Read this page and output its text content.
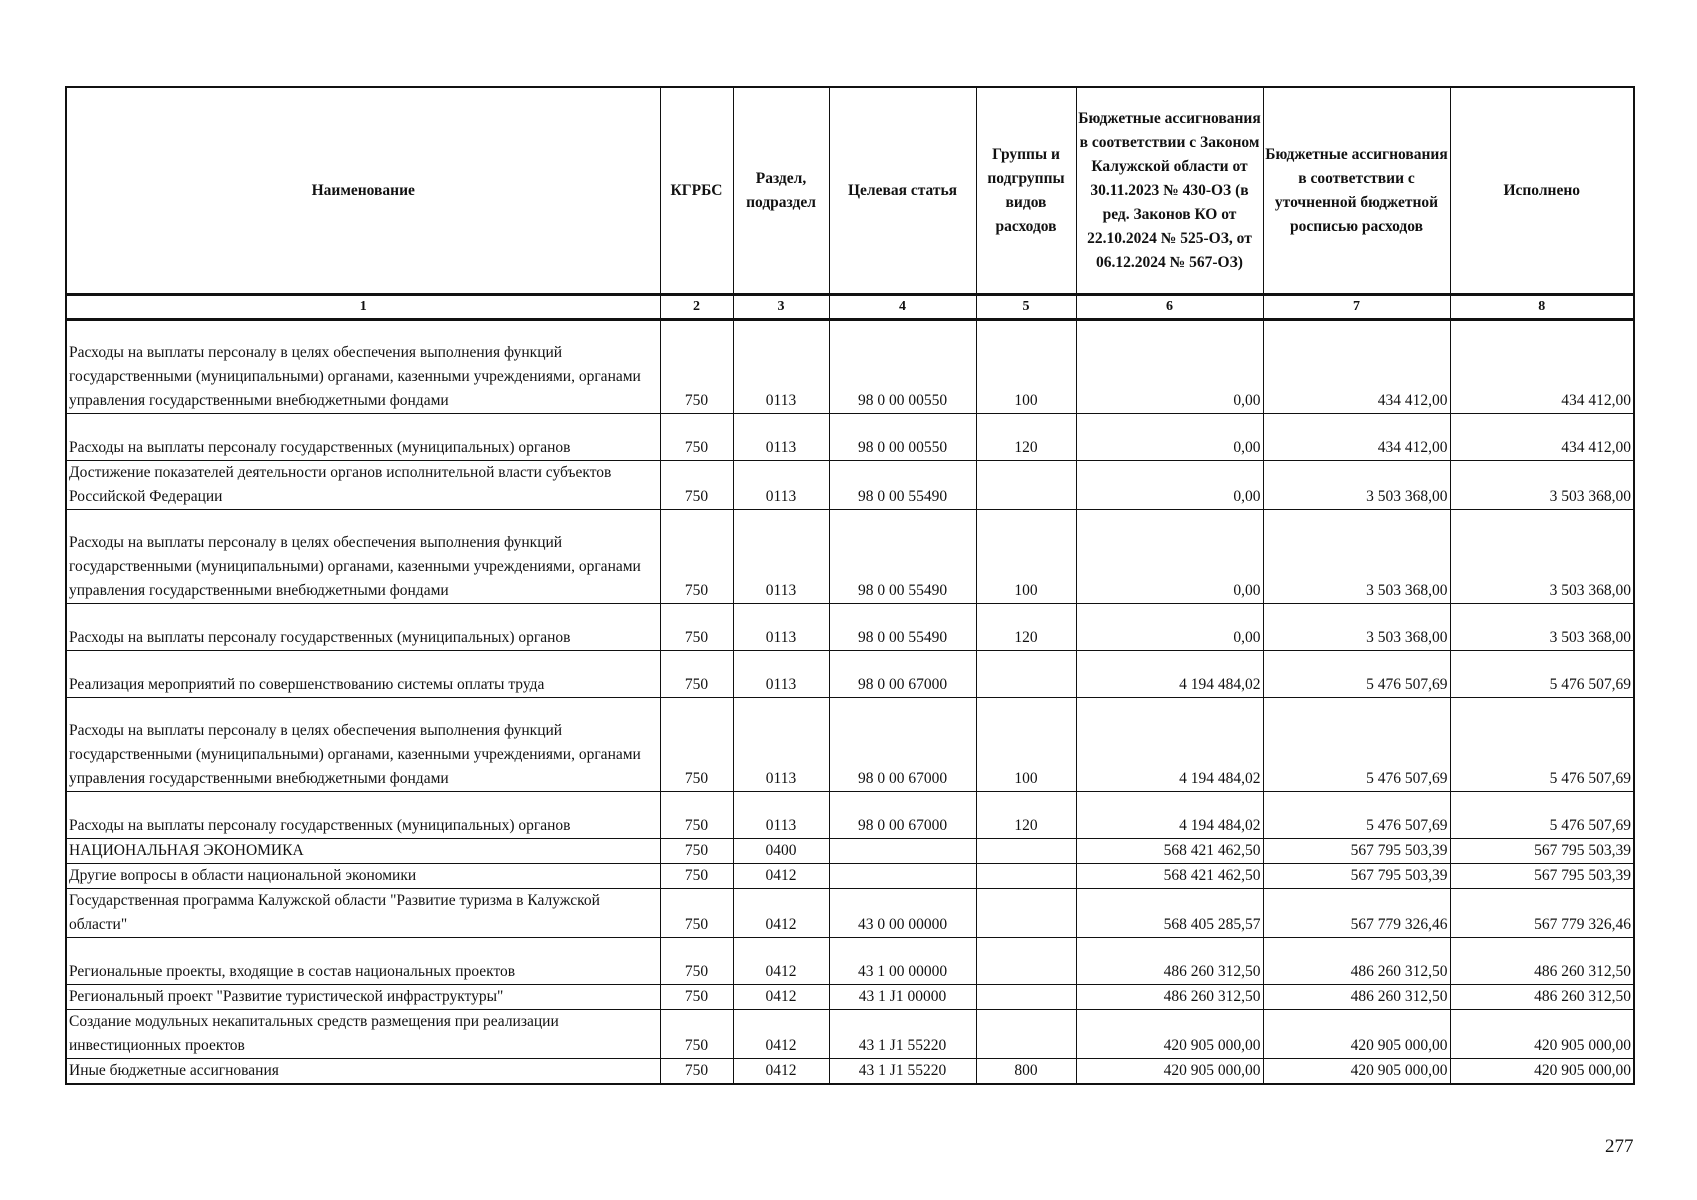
Наименование	КГРБС	Раздел, подраздел	Целевая статья	Группы и подгруппы видов расходов	Бюджетные ассигнования в соответствии с Законом Калужской области от 30.11.2023 № 430-ОЗ (в ред. Законов КО от 22.10.2024 № 525-ОЗ, от 06.12.2024 № 567-ОЗ)	Бюджетные ассигнования в соответствии с уточненной бюджетной росписью расходов	Исполнено
1	2	3	4	5	6	7	8
Расходы на выплаты персоналу в целях обеспечения выполнения функций государственными (муниципальными) органами, казенными учреждениями, органами управления государственными внебюджетными фондами	750	0113	98 0 00 00550	100	0,00	434 412,00	434 412,00
Расходы на выплаты персоналу государственных (муниципальных) органов	750	0113	98 0 00 00550	120	0,00	434 412,00	434 412,00
Достижение показателей деятельности органов исполнительной власти субъектов Российской Федерации	750	0113	98 0 00 55490		0,00	3 503 368,00	3 503 368,00
Расходы на выплаты персоналу в целях обеспечения выполнения функций государственными (муниципальными) органами, казенными учреждениями, органами управления государственными внебюджетными фондами	750	0113	98 0 00 55490	100	0,00	3 503 368,00	3 503 368,00
Расходы на выплаты персоналу государственных (муниципальных) органов	750	0113	98 0 00 55490	120	0,00	3 503 368,00	3 503 368,00
Реализация мероприятий по совершенствованию системы оплаты труда	750	0113	98 0 00 67000		4 194 484,02	5 476 507,69	5 476 507,69
Расходы на выплаты персоналу в целях обеспечения выполнения функций государственными (муниципальными) органами, казенными учреждениями, органами управления государственными внебюджетными фондами	750	0113	98 0 00 67000	100	4 194 484,02	5 476 507,69	5 476 507,69
Расходы на выплаты персоналу государственных (муниципальных) органов	750	0113	98 0 00 67000	120	4 194 484,02	5 476 507,69	5 476 507,69
НАЦИОНАЛЬНАЯ ЭКОНОМИКА	750	0400			568 421 462,50	567 795 503,39	567 795 503,39
Другие вопросы в области национальной экономики	750	0412			568 421 462,50	567 795 503,39	567 795 503,39
Государственная программа Калужской области "Развитие туризма в Калужской области"	750	0412	43 0 00 00000		568 405 285,57	567 779 326,46	567 779 326,46
Региональные проекты, входящие в состав национальных проектов	750	0412	43 1 00 00000		486 260 312,50	486 260 312,50	486 260 312,50
Региональный проект "Развитие туристической инфраструктуры"	750	0412	43 1 J1 00000		486 260 312,50	486 260 312,50	486 260 312,50
Создание модульных некапитальных средств размещения при реализации инвестиционных проектов	750	0412	43 1 J1 55220		420 905 000,00	420 905 000,00	420 905 000,00
Иные бюджетные ассигнования	750	0412	43 1 J1 55220	800	420 905 000,00	420 905 000,00	420 905 000,00
277
